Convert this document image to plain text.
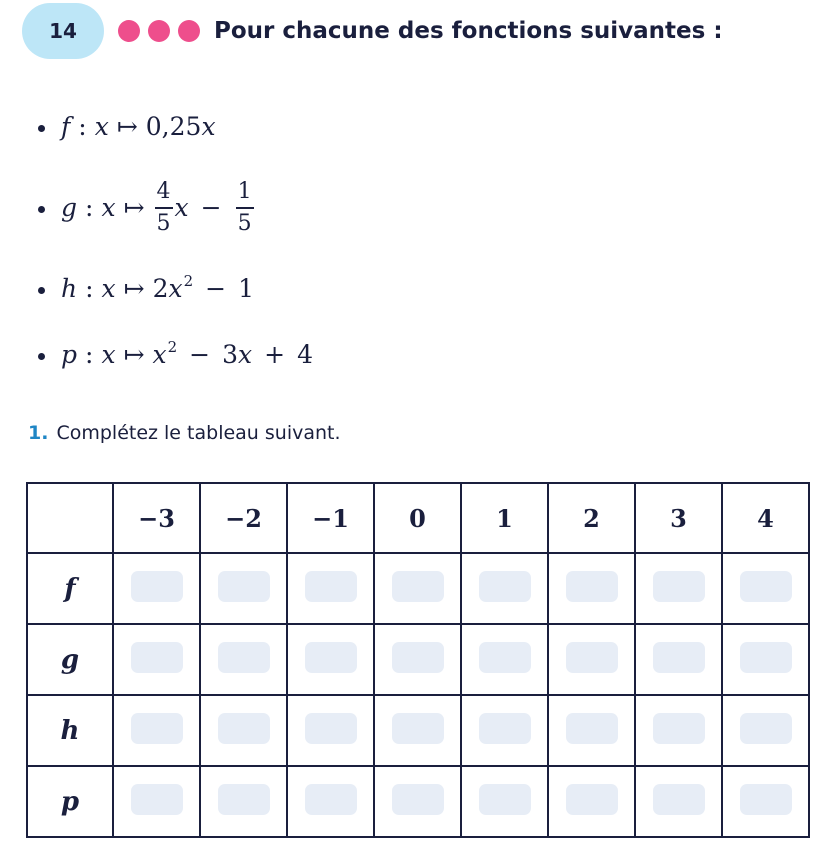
14	Pour chacune des fonctions suivantes :
f : x ↦ 0,25 x
g : x ↦ $\frac{4}{5}$ $x - \frac{1}{5}$
h : x ↦ 2 $x^2 - 1$
p : x ↦ $x^2 - 3$ x + 4
1. Complétez le tableau suivant.
	−3	−2	−1	0	1	2	3	4
f								
g								
h								
p								
